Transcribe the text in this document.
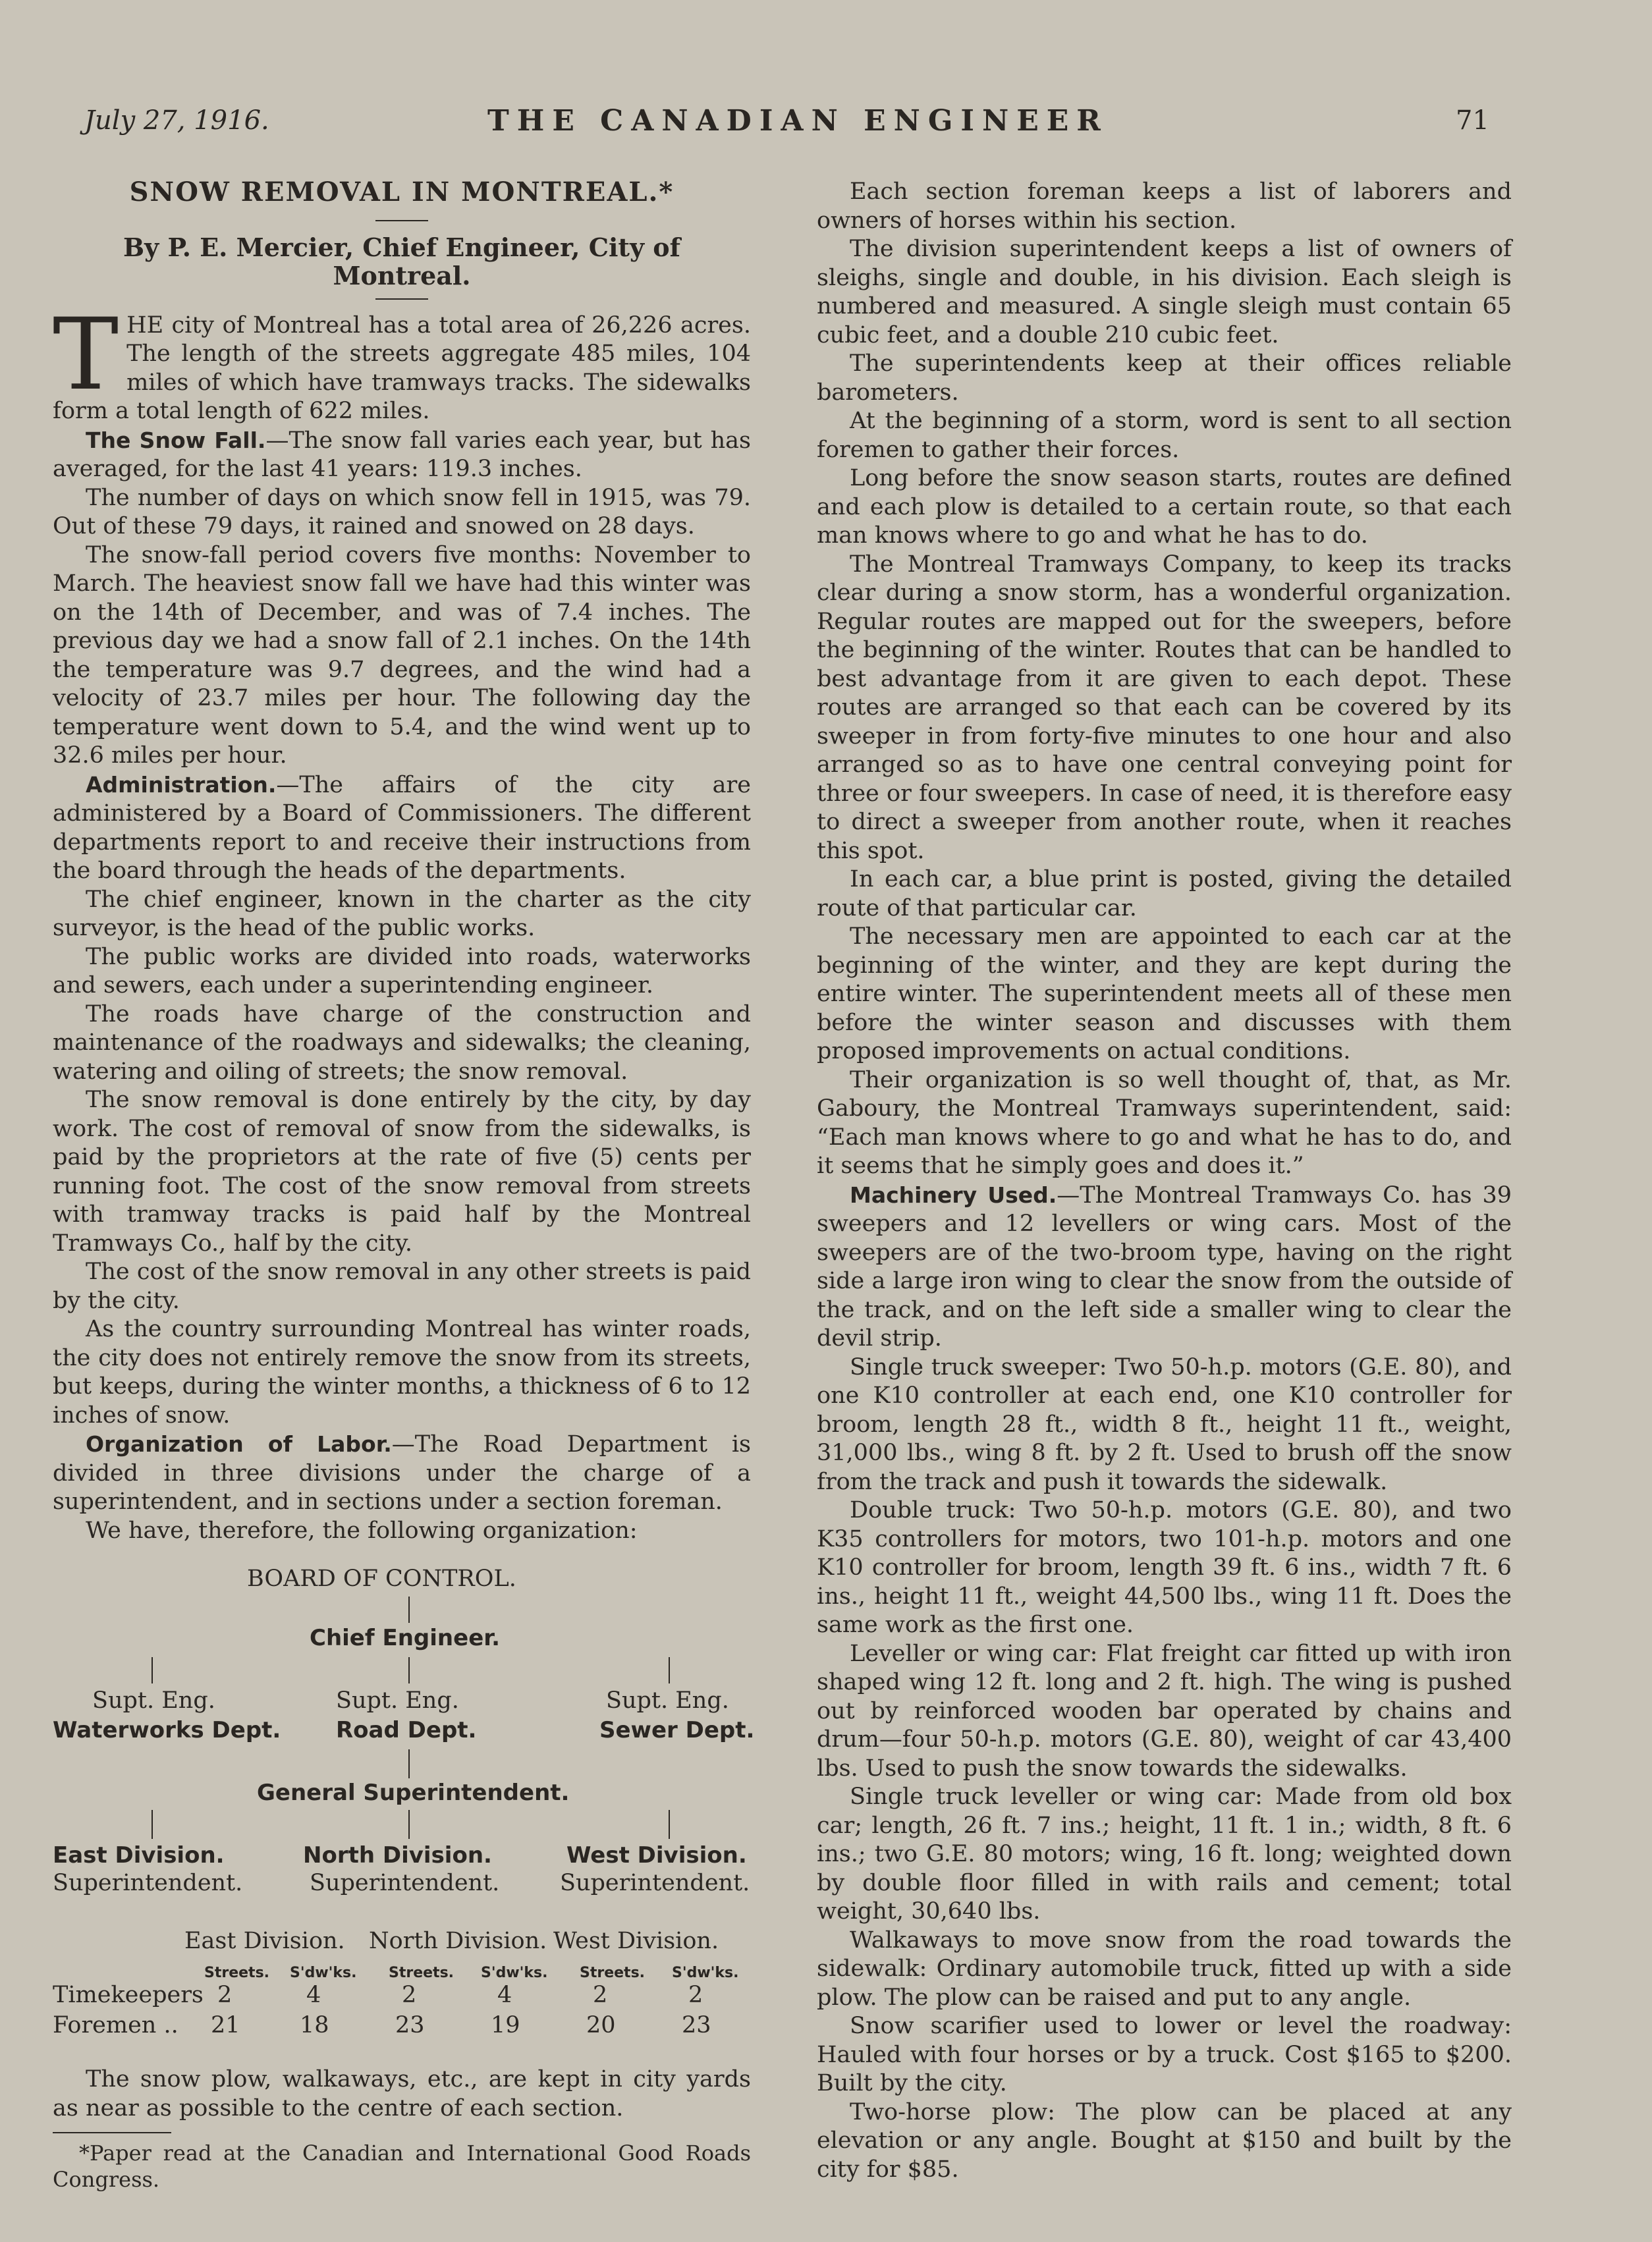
July 27, 1916.	THE CANADIAN ENGINEER	71

SNOW REMOVAL IN MONTREAL.*

By P. E. Mercier, Chief Engineer, City of Montreal.

T HE city of Montreal has a total area of 26,226 acres. The length of the streets aggregate 485 miles, 104 miles of which have tramways tracks. The sidewalks form a total length of 622 miles.

The Snow Fall.—The snow fall varies each year, but has averaged, for the last 41 years: 119.3 inches.

The number of days on which snow fell in 1915, was 79. Out of these 79 days, it rained and snowed on 28 days.

The snow-fall period covers five months: November to March. The heaviest snow fall we have had this winter was on the 14th of December, and was of 7.4 inches. The previous day we had a snow fall of 2.1 inches. On the 14th the temperature was 9.7 degrees, and the wind had a velocity of 23.7 miles per hour. The following day the temperature went down to 5.4, and the wind went up to 32.6 miles per hour.

Administration.—The affairs of the city are administered by a Board of Commissioners. The different departments report to and receive their instructions from the board through the heads of the departments.

The chief engineer, known in the charter as the city surveyor, is the head of the public works.

The public works are divided into roads, waterworks and sewers, each under a superintending engineer.

The roads have charge of the construction and maintenance of the roadways and sidewalks; the cleaning, watering and oiling of streets; the snow removal.

The snow removal is done entirely by the city, by day work. The cost of removal of snow from the sidewalks, is paid by the proprietors at the rate of five (5) cents per running foot. The cost of the snow removal from streets with tramway tracks is paid half by the Montreal Tramways Co., half by the city.

The cost of the snow removal in any other streets is paid by the city.

As the country surrounding Montreal has winter roads, the city does not entirely remove the snow from its streets, but keeps, during the winter months, a thickness of 6 to 12 inches of snow.

Organization of Labor.—The Road Department is divided in three divisions under the charge of a superintendent, and in sections under a section foreman.

We have, therefore, the following organization:

BOARD OF CONTROL.
Chief Engineer.
Supt. Eng.
Waterworks Dept.
Supt. Eng.
Road Dept.
Supt. Eng.
Sewer Dept.
General Superintendent.
East Division.
Superintendent.
North Division.
Superintendent.
West Division.
Superintendent.
East Division. North Division. West Division.
Streets. S'dw'ks. Streets. S'dw'ks. Streets. S'dw'ks.
Timekeepers 2	4	2	4	2	2
Foremen .. 21	18	23	19	20	23

The snow plow, walkaways, etc., are kept in city yards as near as possible to the centre of each section.

*Paper read at the Canadian and International Good Roads Congress.

Each section foreman keeps a list of laborers and owners of horses within his section.

The division superintendent keeps a list of owners of sleighs, single and double, in his division. Each sleigh is numbered and measured. A single sleigh must contain 65 cubic feet, and a double 210 cubic feet.

The superintendents keep at their offices reliable barometers.

At the beginning of a storm, word is sent to all section foremen to gather their forces.

Long before the snow season starts, routes are defined and each plow is detailed to a certain route, so that each man knows where to go and what he has to do.

The Montreal Tramways Company, to keep its tracks clear during a snow storm, has a wonderful organization. Regular routes are mapped out for the sweepers, before the beginning of the winter. Routes that can be handled to best advantage from it are given to each depot. These routes are arranged so that each can be covered by its sweeper in from forty-five minutes to one hour and also arranged so as to have one central conveying point for three or four sweepers. In case of need, it is therefore easy to direct a sweeper from another route, when it reaches this spot.

In each car, a blue print is posted, giving the detailed route of that particular car.

The necessary men are appointed to each car at the beginning of the winter, and they are kept during the entire winter. The superintendent meets all of these men before the winter season and discusses with them proposed improvements on actual conditions.

Their organization is so well thought of, that, as Mr. Gaboury, the Montreal Tramways superintendent, said: “Each man knows where to go and what he has to do, and it seems that he simply goes and does it.”

Machinery Used.—The Montreal Tramways Co. has 39 sweepers and 12 levellers or wing cars. Most of the sweepers are of the two-broom type, having on the right side a large iron wing to clear the snow from the outside of the track, and on the left side a smaller wing to clear the devil strip.

Single truck sweeper: Two 50-h.p. motors (G.E. 80), and one K10 controller at each end, one K10 controller for broom, length 28 ft., width 8 ft., height 11 ft., weight, 31,000 lbs., wing 8 ft. by 2 ft. Used to brush off the snow from the track and push it towards the sidewalk.

Double truck: Two 50-h.p. motors (G.E. 80), and two K35 controllers for motors, two 101-h.p. motors and one K10 controller for broom, length 39 ft. 6 ins., width 7 ft. 6 ins., height 11 ft., weight 44,500 lbs., wing 11 ft. Does the same work as the first one.

Leveller or wing car: Flat freight car fitted up with iron shaped wing 12 ft. long and 2 ft. high. The wing is pushed out by reinforced wooden bar operated by chains and drum—four 50-h.p. motors (G.E. 80), weight of car 43,400 lbs. Used to push the snow towards the sidewalks.

Single truck leveller or wing car: Made from old box car; length, 26 ft. 7 ins.; height, 11 ft. 1 in.; width, 8 ft. 6 ins.; two G.E. 80 motors; wing, 16 ft. long; weighted down by double floor filled in with rails and cement; total weight, 30,640 lbs.

Walkaways to move snow from the road towards the sidewalk: Ordinary automobile truck, fitted up with a side plow. The plow can be raised and put to any angle.

Snow scarifier used to lower or level the roadway: Hauled with four horses or by a truck. Cost $165 to $200. Built by the city.

Two-horse plow: The plow can be placed at any elevation or any angle. Bought at $150 and built by the city for $85.
